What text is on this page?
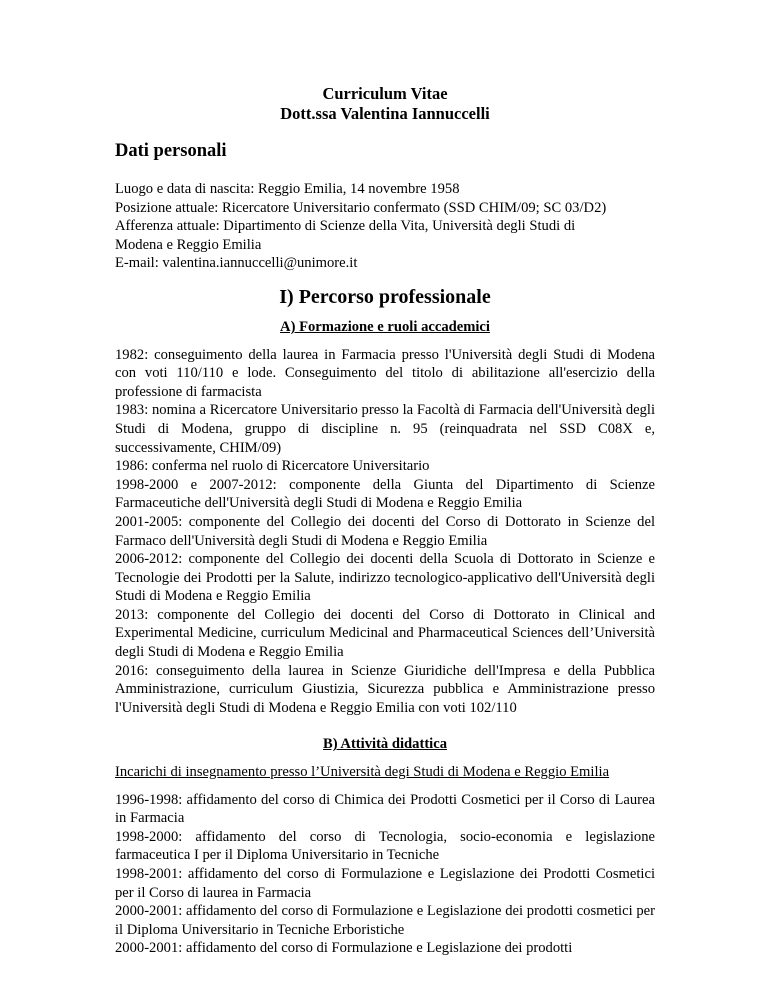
Curriculum Vitae
Dott.ssa Valentina Iannuccelli
Dati personali
Luogo e data di nascita: Reggio Emilia, 14 novembre 1958
Posizione attuale: Ricercatore Universitario confermato (SSD CHIM/09; SC 03/D2)
Afferenza attuale: Dipartimento di Scienze della Vita, Università degli Studi di
Modena e Reggio Emilia
E-mail: valentina.iannuccelli@unimore.it
I) Percorso professionale
A) Formazione e ruoli accademici
1982: conseguimento della laurea in Farmacia presso l'Università degli Studi di Modena con voti 110/110 e lode. Conseguimento del titolo di abilitazione all'esercizio della professione di farmacista
1983: nomina a Ricercatore Universitario presso la Facoltà di Farmacia dell'Università degli Studi di Modena, gruppo di discipline n. 95 (reinquadrata nel SSD C08X e, successivamente, CHIM/09)
1986: conferma nel ruolo di Ricercatore Universitario
1998-2000 e 2007-2012: componente della Giunta del Dipartimento di Scienze Farmaceutiche dell'Università degli Studi di Modena e Reggio Emilia
2001-2005: componente del Collegio dei docenti del Corso di Dottorato in Scienze del Farmaco dell'Università degli Studi di Modena e Reggio Emilia
2006-2012: componente del Collegio dei docenti della Scuola di Dottorato in Scienze e Tecnologie dei Prodotti per la Salute, indirizzo tecnologico-applicativo dell'Università degli Studi di Modena e Reggio Emilia
2013: componente del Collegio dei docenti del Corso di Dottorato in Clinical and Experimental Medicine, curriculum Medicinal and Pharmaceutical Sciences dell’Università degli Studi di Modena e Reggio Emilia
2016: conseguimento della laurea in Scienze Giuridiche dell'Impresa e della Pubblica Amministrazione, curriculum Giustizia, Sicurezza pubblica e Amministrazione presso l'Università degli Studi di Modena e Reggio Emilia con voti 102/110
B) Attività didattica
Incarichi di insegnamento presso l’Università degi Studi di Modena e Reggio Emilia
1996-1998: affidamento del corso di Chimica dei Prodotti Cosmetici per il Corso di Laurea in Farmacia
1998-2000: affidamento del corso di Tecnologia, socio-economia e legislazione farmaceutica I per il Diploma Universitario in Tecniche
1998-2001: affidamento del corso di Formulazione e Legislazione dei Prodotti Cosmetici per il Corso di laurea in Farmacia
2000-2001: affidamento del corso di Formulazione e Legislazione dei prodotti cosmetici per il Diploma Universitario in Tecniche Erboristiche
2000-2001: affidamento del corso di Formulazione e Legislazione dei prodotti
